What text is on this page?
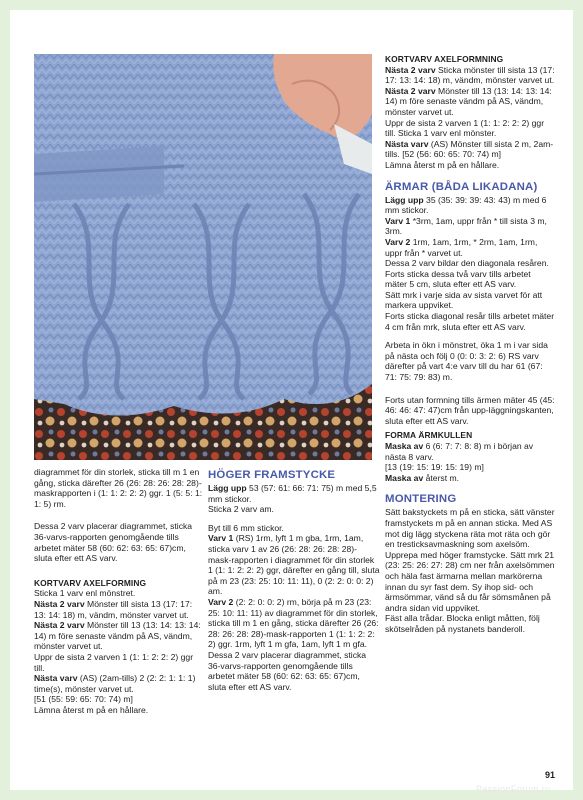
diagrammet för din storlek, sticka till m 1 en gång, sticka därefter 26 (26: 28: 26: 28: 28)-maskrapporten i (1: 1: 2: 2: 2) ggr. 1 (5: 5: 1: 1: 5) rm.
Dessa 2 varv placerar diagrammet, sticka 36-varvs-rapporten genomgående tills arbetet mäter 58 (60: 62: 63: 65: 67)cm, sluta efter ett AS varv.
KORTVARV AXELFORMING
Sticka 1 varv enl mönstret.
Nästa 2 varv Mönster till sista 13 (17: 17: 13: 14: 18) m, vändm, mönster varvet ut.
Nästa 2 varv Mönster till 13 (13: 14: 13: 14: 14) m före senaste vändm på AS, vändm, mönster varvet ut.
Uppr de sista 2 varven 1 (1: 1: 2: 2: 2) ggr till.
Nästa varv (AS) (2am-tills) 2 (2: 2: 1: 1: 1) time(s), mönster varvet ut.
[51 (55: 59: 65: 70: 74) m]
Lämna återst m på en hållare.
HÖGER FRAMSTYCKE
Lägg upp 53 (57: 61: 66: 71: 75) m med 5,5 mm stickor.
Sticka 2 varv am.
Byt till 6 mm stickor.
Varv 1 (RS) 1rm, lyft 1 m gba, 1rm, 1am, sticka varv 1 av 26 (26: 28: 26: 28: 28)-mask-rapporten i diagrammet för din storlek 1 (1: 1: 2: 2: 2) ggr, därefter en gång till, sluta på m 23 (23: 25: 10: 11: 11), 0 (2: 2: 0: 0: 2) am.
Varv 2 (2: 2: 0: 0: 2) rm, börja på m 23 (23: 25: 10: 11: 11) av diagrammet för din storlek, sticka till m 1 en gång, sticka därefter 26 (26: 28: 26: 28: 28)-mask-rapporten 1 (1: 1: 2: 2: 2) ggr. 1rm, lyft 1 m gfa, 1am, lyft 1 m gfa.
Dessa 2 varv placerar diagrammet, sticka 36-varvs-rapporten genomgående tills arbetet mäter 58 (60: 62: 63: 65: 67)cm, sluta efter ett AS varv.
KORTVARV AXELFORMNING
Nästa 2 varv Sticka mönster till sista 13 (17: 17: 13: 14: 18) m, vändm, mönster varvet ut.
Nästa 2 varv Mönster till 13 (13: 14: 13: 14: 14) m före senaste vändm på AS, vändm, mönster varvet ut.
Uppr de sista 2 varven 1 (1: 1: 2: 2: 2) ggr till. Sticka 1 varv enl mönster.
Nästa varv (AS) Mönster till sista 2 m, 2am-tills. [52 (56: 60: 65: 70: 74) m]
Lämna återst m på en hållare.
ÄRMAR (BÅDA LIKADANA)
Lägg upp 35 (35: 39: 39: 43: 43) m med 6 mm stickor.
Varv 1 *3rm, 1am, uppr från * till sista 3 m, 3rm.
Varv 2 1rm, 1am, 1rm, * 2rm, 1am, 1rm, uppr från * varvet ut.
Dessa 2 varv bildar den diagonala resåren.
Forts sticka dessa två varv tills arbetet mäter 5 cm, sluta efter ett AS varv.
Sätt mrk i varje sida av sista varvet för att markera uppviket.
Forts sticka diagonal resår tills arbetet mäter 4 cm från mrk, sluta efter ett AS varv.
Arbeta in ökn i mönstret, öka 1 m i var sida på nästa och följ 0 (0: 0: 3: 2: 6) RS varv därefter på vart 4:e varv till du har 61 (67: 71: 75: 79: 83) m.
Forts utan formning tills ärmen mäter 45 (45: 46: 46: 47: 47)cm från upp-läggningskanten, sluta efter ett AS varv.
FORMA ÄRMKULLEN
Maska av 6 (6: 7: 7: 8: 8) m i början av nästa 8 varv.
[13 (19: 15: 19: 15: 19) m]
Maska av återst m.
MONTERING
Sätt bakstyckets m på en sticka, sätt vänster framstyckets m på en annan sticka. Med AS mot dig lägg styckena räta mot räta och gör en tresticksavmaskning som axelsöm.
Upprepa med höger framstycke. Sätt mrk 21 (23: 25: 26: 27: 28) cm ner från axelsömmen och häla fast ärmarna mellan markörerna innan du syr fast dem. Sy ihop sid- och ärmsömmar, vänd så du får sömsmånen på andra sidan vid uppviket.
Fäst alla trådar. Blocka enligt måtten, följ skötselråden på nystanets banderoll.
91
PassionForum.ru
